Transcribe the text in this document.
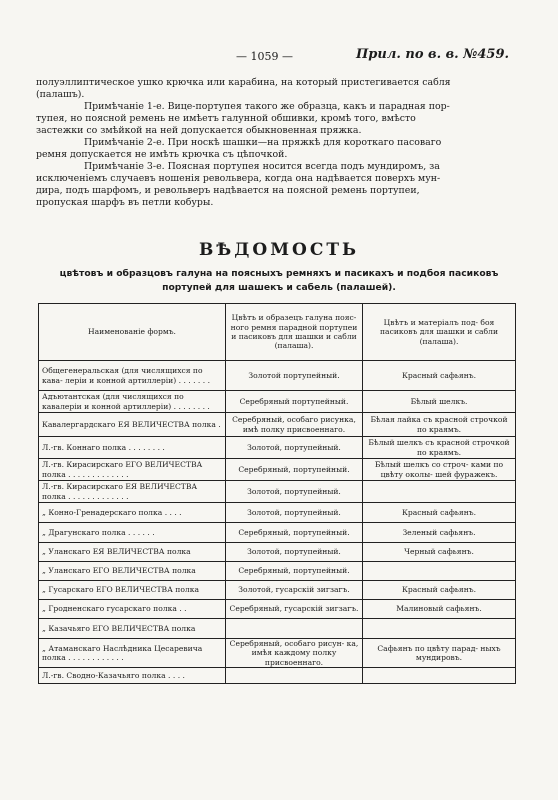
— 1059 —	Прил. по в. в. №459.
полуэллиптическое ушко крючка или карабина, на который пристегивается сабля
(палашъ).
Примѣчаніе 1-е. Вице-портупея такого же образца, какъ и парадная пор-
тупея, но поясной ремень не имѣетъ галунной обшивки, кромѣ того, вмѣсто
застежки со змѣйкой на ней допускается обыкновенная пряжка.
Примѣчаніе 2-е. При носкѣ шашки—на пряжкѣ для короткаго пасоваго
ремня допускается не имѣть крючка съ цѣпочкой.
Примѣчаніе 3-е. Поясная портупея носится всегда подъ мундиромъ, за
исключеніемъ случаевъ ношенія револьвера, когда она надѣвается поверхъ мун-
дира, подъ шарфомъ, и револьверъ надѣвается на поясной ремень портупеи,
пропуская шарфъ въ петли кобуры.
ВѢДОМОСТЬ
цвѣтовъ и образцовъ галуна на поясныхъ ремняхъ и пасикахъ и подбоя пасиковъ
портупей для шашекъ и сабель (палашей).
Наименованіе формъ.	Цвѣтъ и образецъ галуна пояс- ного ремня парадной портупеи и пасиковъ для шашки и сабли (палаша).	Цвѣтъ и матеріалъ под- боя пасиковъ для шашки и сабли (палаша).
Общегенеральская (для числящихся по кава- леріи и конной артиллеріи) . . . . . . .	Золотой портупейный.	Красный сафьянъ.
Адъютантская (для числящихся по кавалеріи и конной артиллеріи) . . . . . . . .	Серебряный портупейный.	Бѣлый шелкъ.
Кавалергардскаго ЕЯ ВЕЛИЧЕСТВА полка .	Серебряный, особаго рисунка, имѣ полку присвоеннаго.	Бѣлая лайка съ красной строчкой по краямъ.
Л.-гв. Коннаго полка . . . . . . . .	Золотой, портупейный.	Бѣлый шелкъ съ красной строчкой по краямъ.
Л.-гв. Кирасирскаго ЕГО ВЕЛИЧЕСТВА полка . . . . . . . . . . . . .	Серебряный, портупейный.	Бѣлый шелкъ со строч- ками по цвѣту околы- шей фуражекъ.
Л.-гв. Кирасирскаго ЕЯ ВЕЛИЧЕСТВА полка . . . . . . . . . . . . .	Золотой, портупейный.	
„ Конно-Гренадерскаго полка . . . .	Золотой, портупейный.	Красный сафьянъ.
„ Драгунскаго полка . . . . . .	Серебряный, портупейный.	Зеленый сафьянъ.
„ Уланскаго ЕЯ ВЕЛИЧЕСТВА полка	Золотой, портупейный.	Черный сафьянъ.
„ Уланскаго ЕГО ВЕЛИЧЕСТВА полка	Серебряный, портупейный.	
„ Гусарскаго ЕГО ВЕЛИЧЕСТВА полка	Золотой, гусарскій зигзагъ.	Красный сафьянъ.
„ Гродненскаго гусарскаго полка . .	Серебряный, гусарскій зигзагъ.	Малиновый сафьянъ.
„ Казачьяго ЕГО ВЕЛИЧЕСТВА полка		
„ Атаманскаго Наслѣдника Цесаревича полка . . . . . . . . . . . .	Серебряный, особаго рисун- ка, имѣя каждому полку присвоеннаго.	Сафьянъ по цвѣту парад- ныхъ мундировъ.
Л.-гв. Сводно-Казачьяго полка . . . .		
